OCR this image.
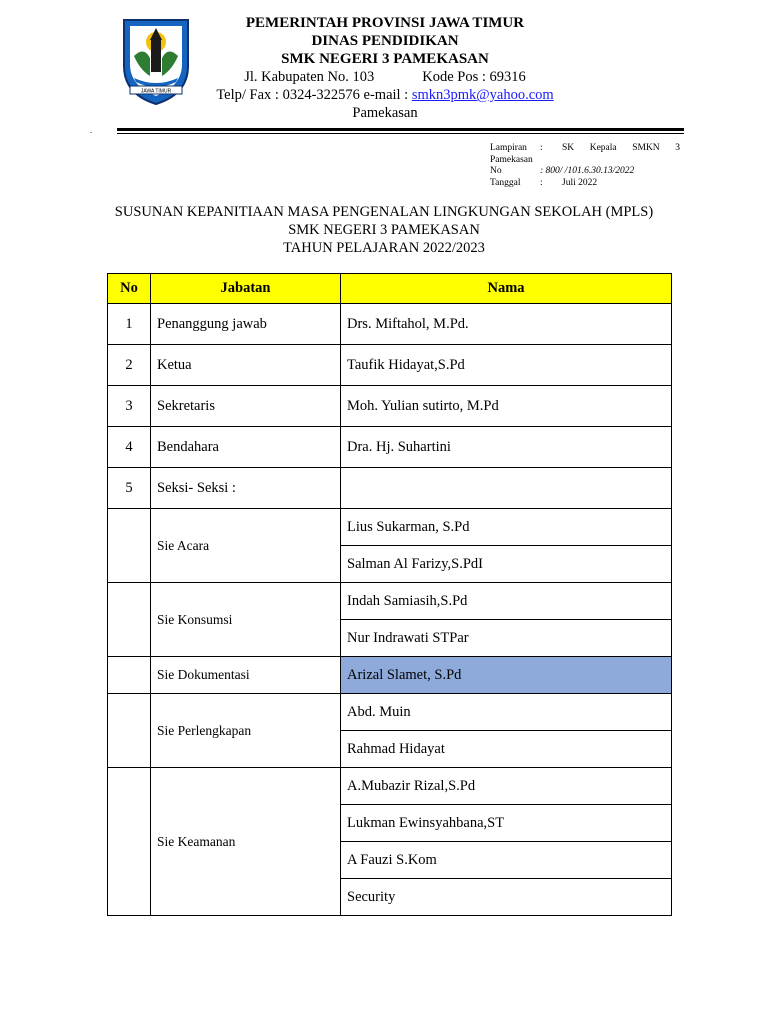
JAWA TIMUR
PEMERINTAH PROVINSI JAWA TIMUR
DINAS PENDIDIKAN
SMK NEGERI 3 PAMEKASAN
Jl. Kabupaten No. 103	Kode Pos : 69316
Telp/ Fax : 0324-322576 e-mail : smkn3pmk@yahoo.com
Pamekasan
.
Lampiran	:	SK Kepala SMKN 3
Pamekasan
No	: 800/ /101.6.30.13/2022
Tanggal	:	Juli 2022
SUSUNAN KEPANITIAAN MASA PENGENALAN LINGKUNGAN SEKOLAH (MPLS)
SMK NEGERI 3 PAMEKASAN
TAHUN PELAJARAN 2022/2023
No	Jabatan	Nama
1	Penanggung jawab	Drs. Miftahol, M.Pd.
2	Ketua	Taufik Hidayat,S.Pd
3	Sekretaris	Moh. Yulian sutirto, M.Pd
4	Bendahara	Dra. Hj. Suhartini
5	Seksi- Seksi :	
	Sie Acara	Lius Sukarman, S.Pd
		Salman Al Farizy,S.PdI
	Sie Konsumsi	Indah Samiasih,S.Pd
		Nur Indrawati STPar
	Sie Dokumentasi	Arizal Slamet, S.Pd
	Sie Perlengkapan	Abd. Muin
		Rahmad Hidayat
	Sie Keamanan	A.Mubazir Rizal,S.Pd
		Lukman Ewinsyahbana,ST
		A Fauzi S.Kom
		Security
